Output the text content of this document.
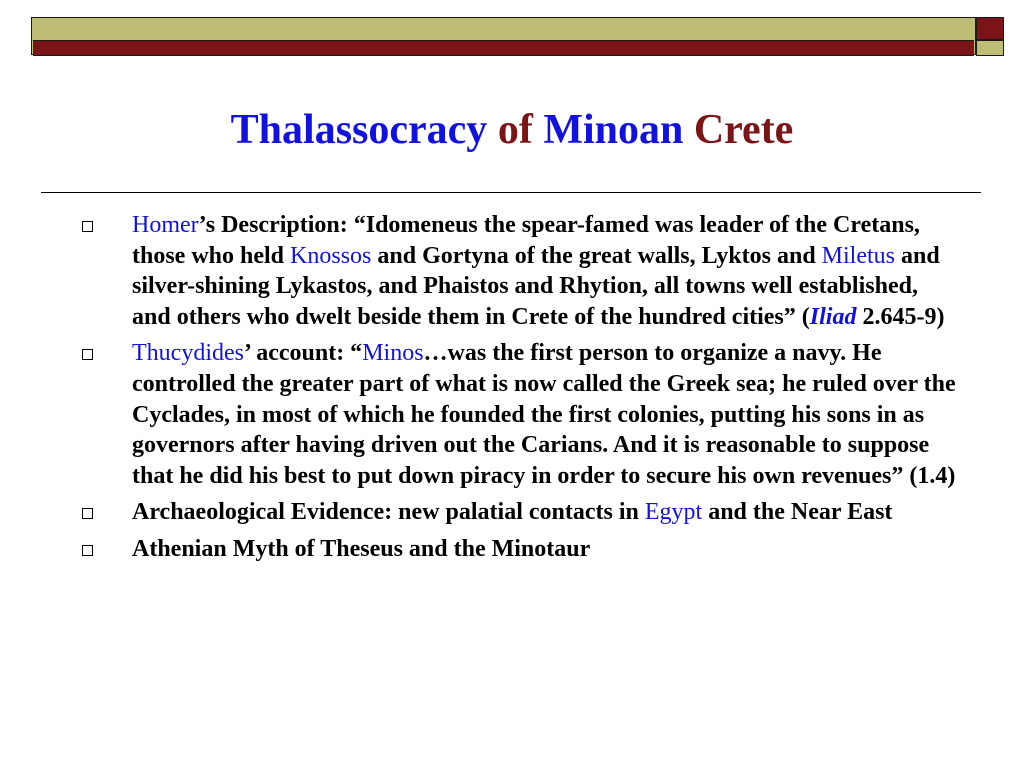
Thalassocracy of Minoan Crete
Homer’s Description: “Idomeneus the spear-famed was leader of the Cretans, those who held Knossos and Gortyna of the great walls, Lyktos and Miletus and silver-shining Lykastos, and Phaistos and Rhytion, all towns well established, and others who dwelt beside them in Crete of the hundred cities” (Iliad 2.645-9)
Thucydides’ account: “Minos…was the first person to organize a navy. He controlled the greater part of what is now called the Greek sea; he ruled over the Cyclades, in most of which he founded the first colonies, putting his sons in as governors after having driven out the Carians. And it is reasonable to suppose that he did his best to put down piracy in order to secure his own revenues” (1.4)
Archaeological Evidence: new palatial contacts in Egypt and the Near East
Athenian Myth of Theseus and the Minotaur
